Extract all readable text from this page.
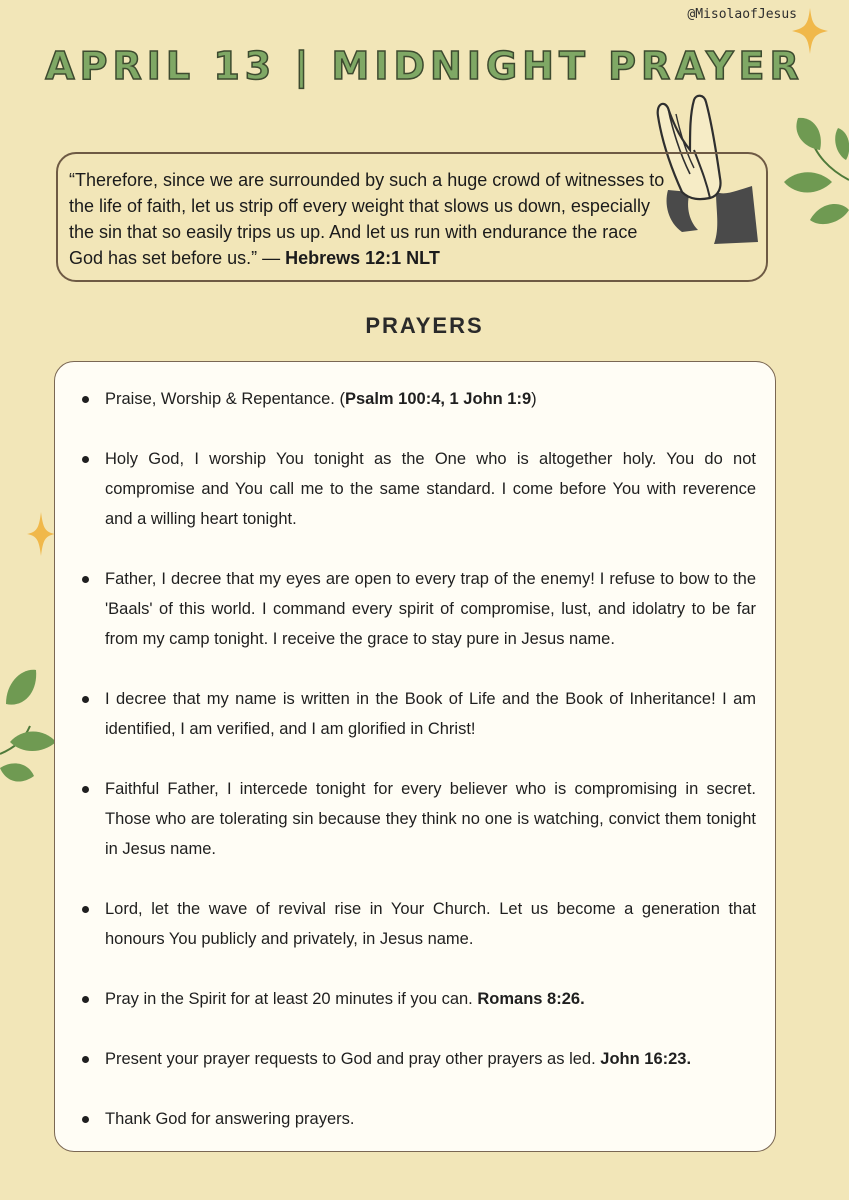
@MisolaofJesus
APRIL 13 | MIDNIGHT PRAYER
“Therefore, since we are surrounded by such a huge crowd of witnesses to the life of faith, let us strip off every weight that slows us down, especially the sin that so easily trips us up. And let us run with endurance the race God has set before us.” — Hebrews 12:1 NLT
PRAYERS
Praise, Worship & Repentance. (Psalm 100:4, 1 John 1:9)
Holy God, I worship You tonight as the One who is altogether holy. You do not compromise and You call me to the same standard. I come before You with reverence and a willing heart tonight.
Father, I decree that my eyes are open to every trap of the enemy! I refuse to bow to the 'Baals' of this world. I command every spirit of compromise, lust, and idolatry to be far from my camp tonight. I receive the grace to stay pure in Jesus name.
I decree that my name is written in the Book of Life and the Book of Inheritance! I am identified, I am verified, and I am glorified in Christ!
Faithful Father, I intercede tonight for every believer who is compromising in secret. Those who are tolerating sin because they think no one is watching, convict them tonight in Jesus name.
Lord, let the wave of revival rise in Your Church. Let us become a generation that honours You publicly and privately, in Jesus name.
Pray in the Spirit for at least 20 minutes if you can. Romans 8:26.
Present your prayer requests to God and pray other prayers as led. John 16:23.
Thank God for answering prayers.
